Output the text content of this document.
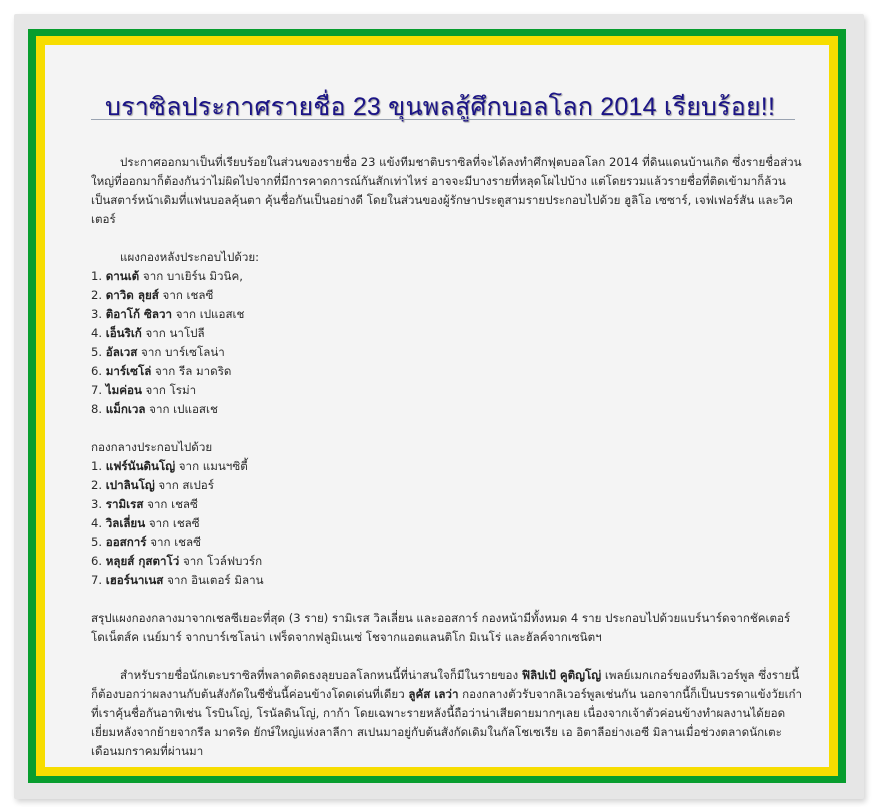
บราซิลประกาศรายชื่อ 23 ขุนพลสู้ศึกบอลโลก 2014 เรียบร้อย!!

ประกาศออกมาเป็นที่เรียบร้อยในส่วนของรายชื่อ 23 แข้งทีมชาติบราซิลที่จะได้ลงทำศึกฟุตบอลโลก 2014 ที่ดินแดนบ้านเกิด ซึ่งรายชื่อส่วนใหญ่ที่ออกมาก็ต้องกันว่าไม่ผิดไปจากที่มีการคาดการณ์กันสักเท่าไหร่ อาจจะมีบางรายที่หลุดโผไปบ้าง แต่โดยรวมแล้วรายชื่อที่ติดเข้ามาก็ล้วนเป็นสตาร์หน้าเดิมที่แฟนบอลคุ้นตา คุ้นชื่อกันเป็นอย่างดี โดยในส่วนของผู้รักษาประตูสามรายประกอบไปด้วย ฮูลิโอ เซซาร์, เจฟเฟอร์สัน และวิคเตอร์

แผงกองหลังประกอบไปด้วย:

1. ดานเต้ จาก บาเยิร์น มิวนิค,
2. ดาวิด ลุยส์ จาก เชลซี
3. ติอาโก้ ซิลวา จาก เปแอสเช
4. เอ็นริเก้ จาก นาโปลี
5. อัลเวส จาก บาร์เซโลน่า
6. มาร์เซโล่ จาก รีล มาดริด
7. ไมค่อน จาก โรม่า
8. แม็กเวล จาก เปแอสเช

กองกลางประกอบไปด้วย

1. แฟร์นันดินโญ่ จาก แมนฯซิตี้
2. เปาลินโญ่ จาก สเปอร์
3. รามิเรส จาก เชลซี
4. วิลเลี่ยน จาก เชลซี
5. ออสการ์ จาก เชลซี
6. หลุยส์ กุสตาโว่ จาก โวล์ฟบวร์ก
7. เฮอร์นาเนส จาก อินเตอร์ มิลาน

สรุปแผงกองกลางมาจากเชลซีเยอะที่สุด (3 ราย) รามิเรส วิลเลี่ยน และออสการ์ กองหน้ามีทั้งหมด 4 ราย ประกอบไปด้วยแบร์นาร์ดจากชัคเตอร์ โดเน็ตส์ค เนย์มาร์ จากบาร์เซโลน่า เฟร็ดจากฟลูมิเนเซ่ โชจากแอตแลนติโก มิเนโร่ และฮัลค์จากเซนิตฯ

สำหรับรายชื่อนักเตะบราซิลที่พลาดติดธงลุยบอลโลกหนนี้ที่น่าสนใจก็มีในรายของ ฟิลิปเป้ คูติญโญ่ เพลย์เมกเกอร์ของทีมลิเวอร์พูล ซึ่งรายนี้ก็ต้องบอกว่าผลงานกับต้นสังกัดในซีซั่นนี้ค่อนข้างโดดเด่นที่เดียว ลูคัส เลว่า กองกลางตัวรับจากลิเวอร์พูลเช่นกัน นอกจากนี้ก็เป็นบรรดาแข้งวัยเก๋าที่เราคุ้นชื่อกันอาทิเช่น โรบินโญ่, โรนัลดินโญ่, กาก้า โดยเฉพาะรายหลังนี้ถือว่าน่าเสียดายมากๆเลย เนื่องจากเจ้าตัวค่อนข้างทำผลงานได้ยอดเยี่ยมหลังจากย้ายจากรีล มาดริด ยักษ์ใหญ่แห่งลาลีกา สเปนมาอยู่กับต้นสังกัดเดิมในกัลโชเซเรีย เอ อิตาลีอย่างเอซี มิลานเมื่อช่วงตลาดนักเตะเดือนมกราคมที่ผ่านมา
